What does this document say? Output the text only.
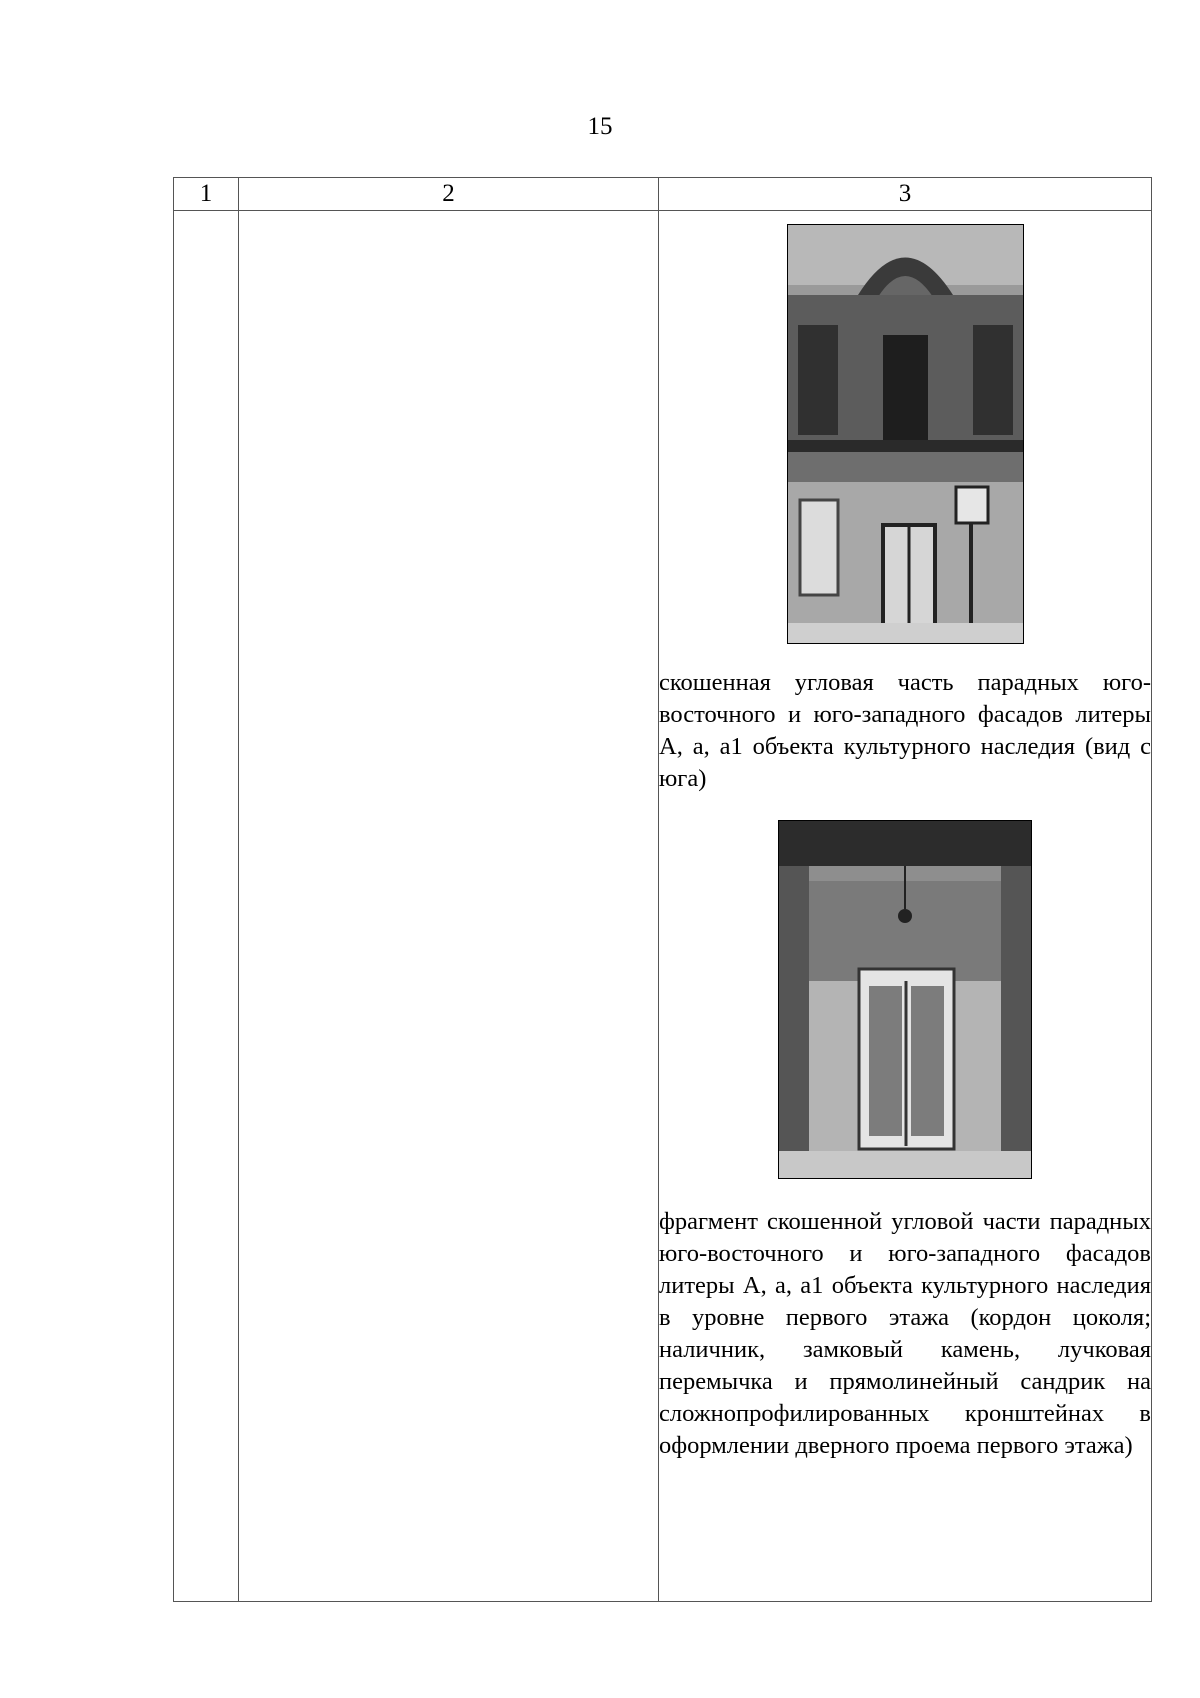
15
1	2	3

		скошенная угловая часть парадных юго-восточного и юго-западного фасадов литеры А, а, а1 объекта культурного наследия (вид с юга)
фрагмент скошенной угловой части парадных юго-восточного и юго-западного фасадов литеры А, а, а1 объекта культурного наследия в уровне первого этажа (кордон цоколя; наличник, замковый камень, лучковая перемычка и прямолинейный сандрик на сложнопрофилированных кронштейнах в оформлении дверного проема первого этажа)
